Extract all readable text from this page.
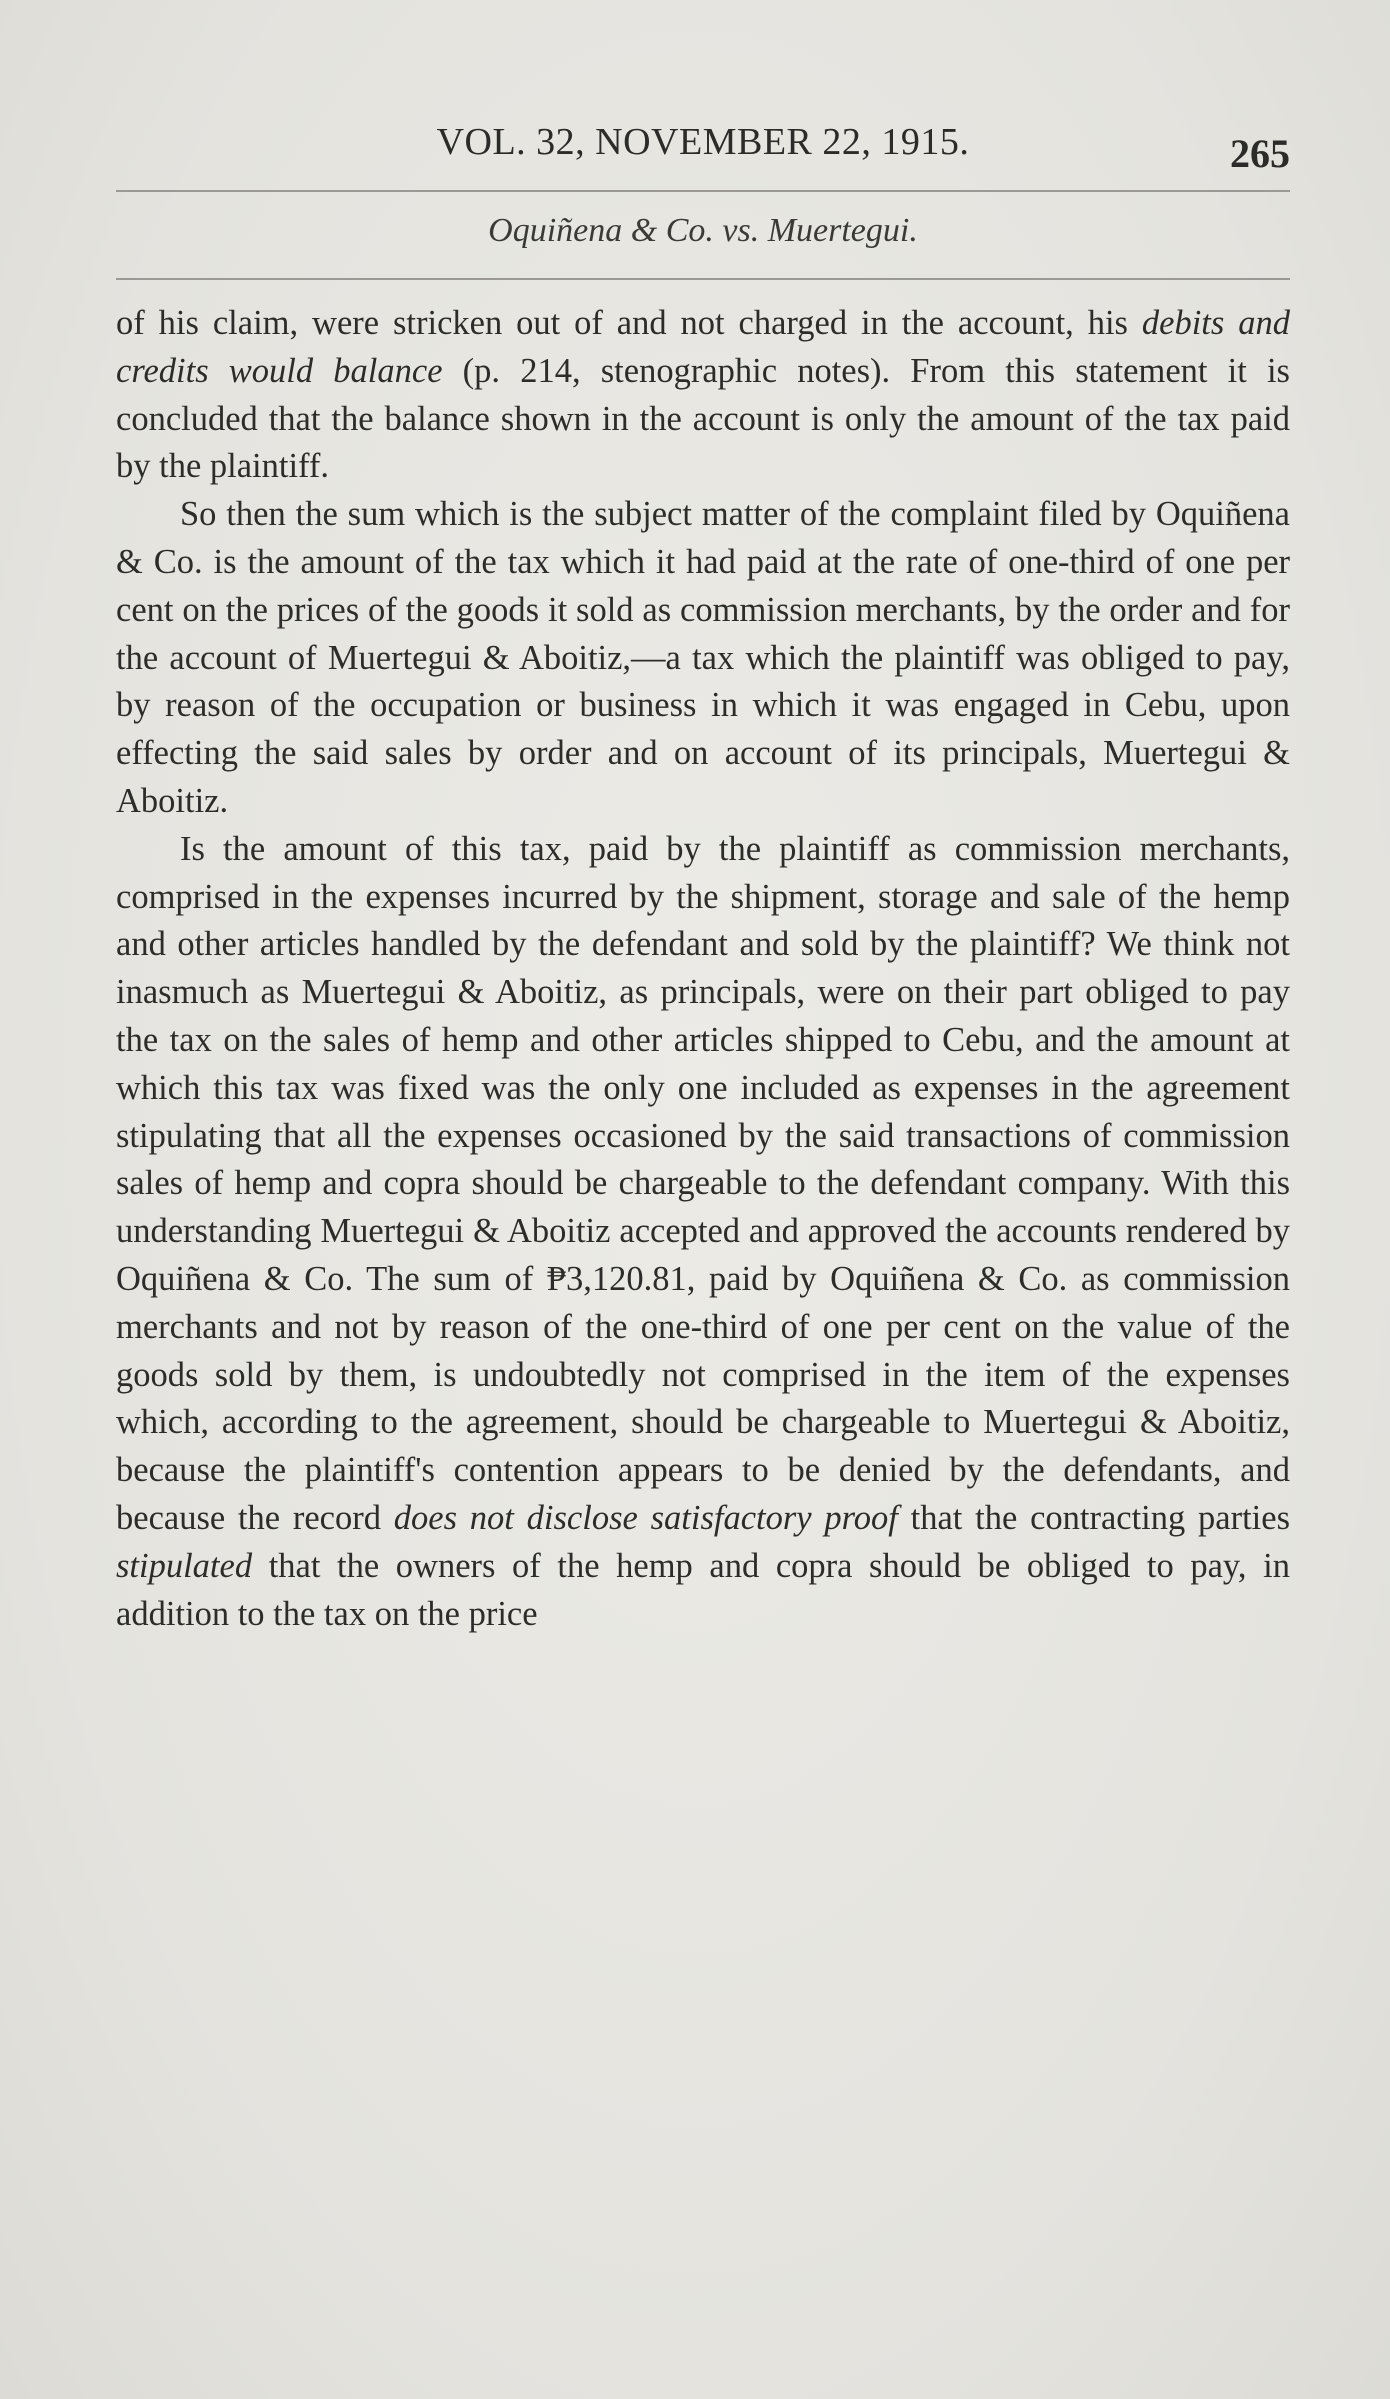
VOL. 32, NOVEMBER 22, 1915.	265
Oquiñena & Co. vs. Muertegui.

of his claim, were stricken out of and not charged in the account, his debits and credits would balance (p. 214, stenographic notes). From this statement it is concluded that the balance shown in the account is only the amount of the tax paid by the plaintiff.

So then the sum which is the subject matter of the complaint filed by Oquiñena & Co. is the amount of the tax which it had paid at the rate of one-third of one per cent on the prices of the goods it sold as commission merchants, by the order and for the account of Muertegui & Aboitiz,—a tax which the plaintiff was obliged to pay, by reason of the occupation or business in which it was engaged in Cebu, upon effecting the said sales by order and on account of its principals, Muertegui & Aboitiz.

Is the amount of this tax, paid by the plaintiff as commission merchants, comprised in the expenses incurred by the shipment, storage and sale of the hemp and other articles handled by the defendant and sold by the plaintiff? We think not inasmuch as Muertegui & Aboitiz, as principals, were on their part obliged to pay the tax on the sales of hemp and other articles shipped to Cebu, and the amount at which this tax was fixed was the only one included as expenses in the agreement stipulating that all the expenses occasioned by the said transactions of commission sales of hemp and copra should be chargeable to the defendant company. With this understanding Muertegui & Aboitiz accepted and approved the accounts rendered by Oquiñena & Co. The sum of ₱3,120.81, paid by Oquiñena & Co. as commission merchants and not by reason of the one-third of one per cent on the value of the goods sold by them, is undoubtedly not comprised in the item of the expenses which, according to the agreement, should be chargeable to Muertegui & Aboitiz, because the plaintiff's contention appears to be denied by the defendants, and because the record does not disclose satisfactory proof that the contracting parties stipulated that the owners of the hemp and copra should be obliged to pay, in addition to the tax on the price
